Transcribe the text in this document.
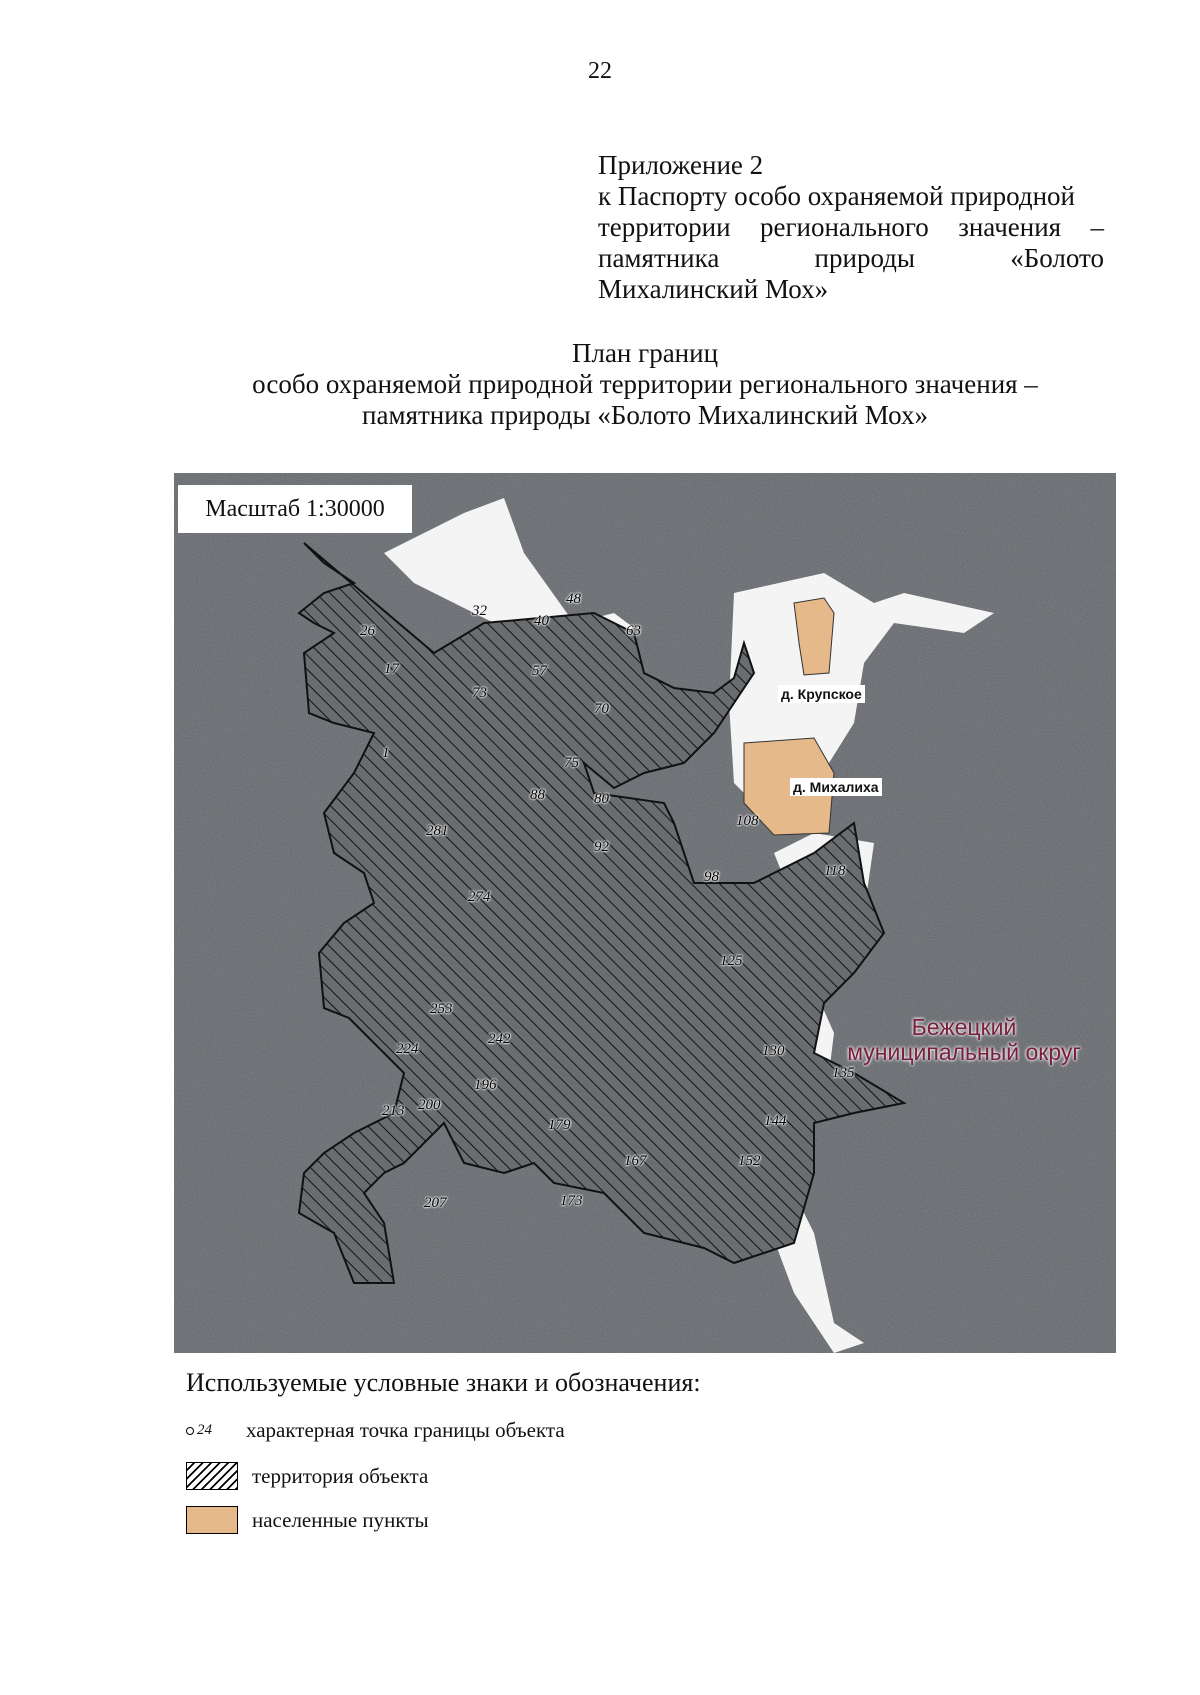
22
Приложение 2
к Паспорту особо охраняемой природной
территории регионального значения –
памятника природы «Болото
Михалинский Мох»
План границ
особо охраняемой природной территории регионального значения –
памятника природы «Болото Михалинский Мох»
Масштаб 1:30000
д. Крупское
д. Михалиха
Бежецкий
муниципальный округ
1
17
26
32
40
48
57
63
70
73
75
80
88
92
98
108
118
125
130
135
144
152
167
173
179
196
200
207
213
224
242
253
274
281
Используемые условные знаки и обозначения:
24 характерная точка границы объекта
территория объекта
населенные пункты
